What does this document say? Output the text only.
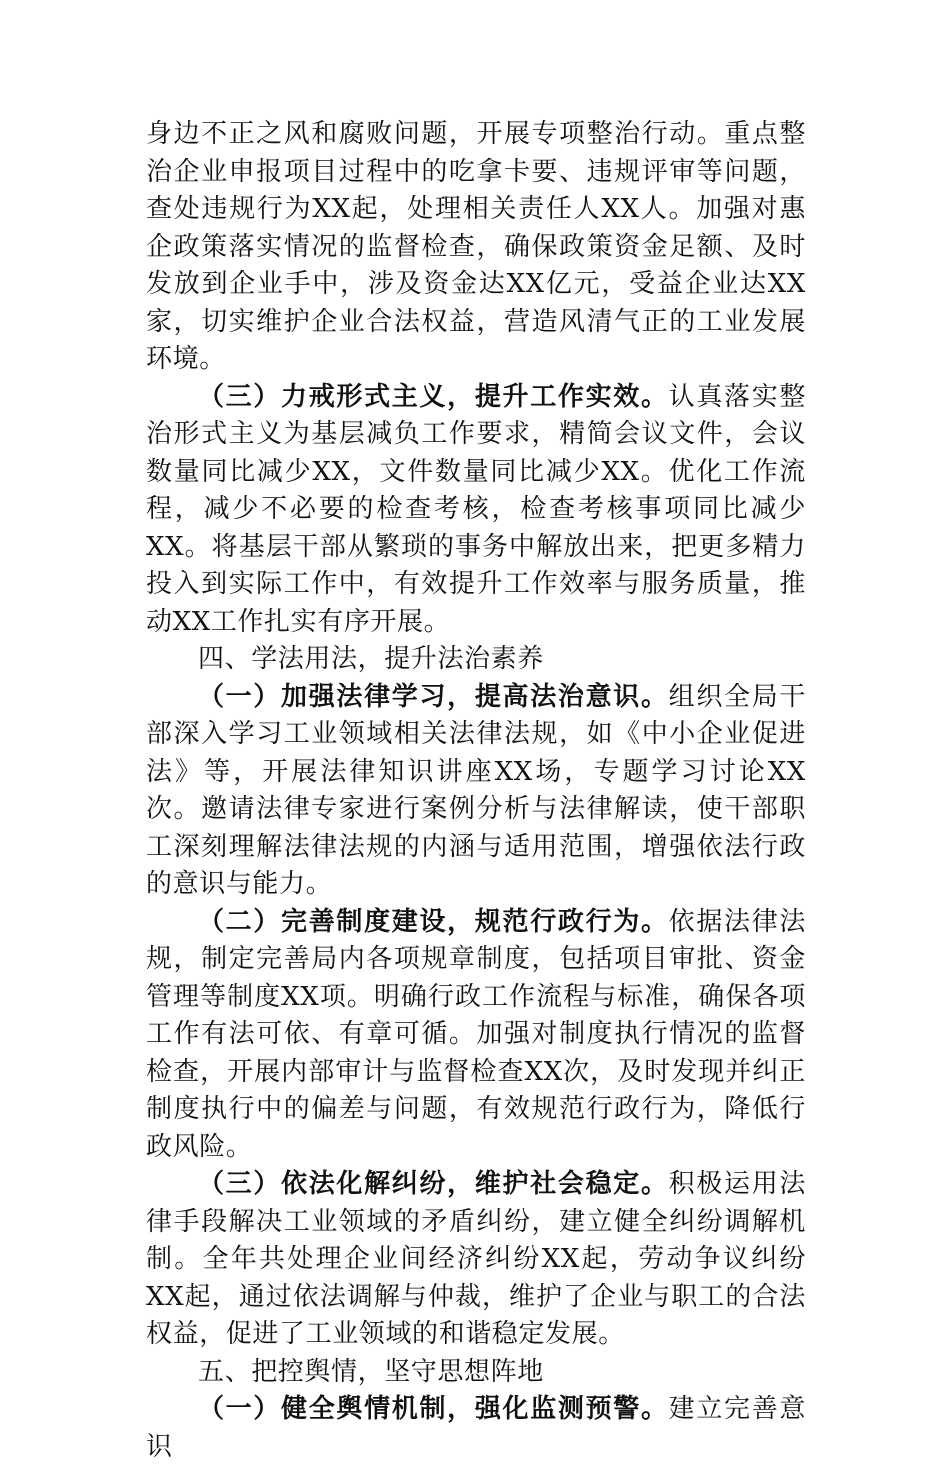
身边不正之风和腐败问题，开展专项整治行动。重点整治企业申报项目过程中的吃拿卡要、违规评审等问题，查处违规行为XX起，处理相关责任人XX人。加强对惠企政策落实情况的监督检查，确保政策资金足额、及时发放到企业手中，涉及资金达XX亿元，受益企业达XX家，切实维护企业合法权益，营造风清气正的工业发展环境。

（三）力戒形式主义，提升工作实效。认真落实整治形式主义为基层减负工作要求，精简会议文件，会议数量同比减少XX，文件数量同比减少XX。优化工作流程，减少不必要的检查考核，检查考核事项同比减少XX。将基层干部从繁琐的事务中解放出来，把更多精力投入到实际工作中，有效提升工作效率与服务质量，推动XX工作扎实有序开展。

四、学法用法，提升法治素养

（一）加强法律学习，提高法治意识。组织全局干部深入学习工业领域相关法律法规，如《中小企业促进法》等，开展法律知识讲座XX场，专题学习讨论XX次。邀请法律专家进行案例分析与法律解读，使干部职工深刻理解法律法规的内涵与适用范围，增强依法行政的意识与能力。

（二）完善制度建设，规范行政行为。依据法律法规，制定完善局内各项规章制度，包括项目审批、资金管理等制度XX项。明确行政工作流程与标准，确保各项工作有法可依、有章可循。加强对制度执行情况的监督检查，开展内部审计与监督检查XX次，及时发现并纠正制度执行中的偏差与问题，有效规范行政行为，降低行政风险。

（三）依法化解纠纷，维护社会稳定。积极运用法律手段解决工业领域的矛盾纠纷，建立健全纠纷调解机制。全年共处理企业间经济纠纷XX起，劳动争议纠纷XX起，通过依法调解与仲裁，维护了企业与职工的合法权益，促进了工业领域的和谐稳定发展。

五、把控舆情，坚守思想阵地

（一）健全舆情机制，强化监测预警。建立完善意识
